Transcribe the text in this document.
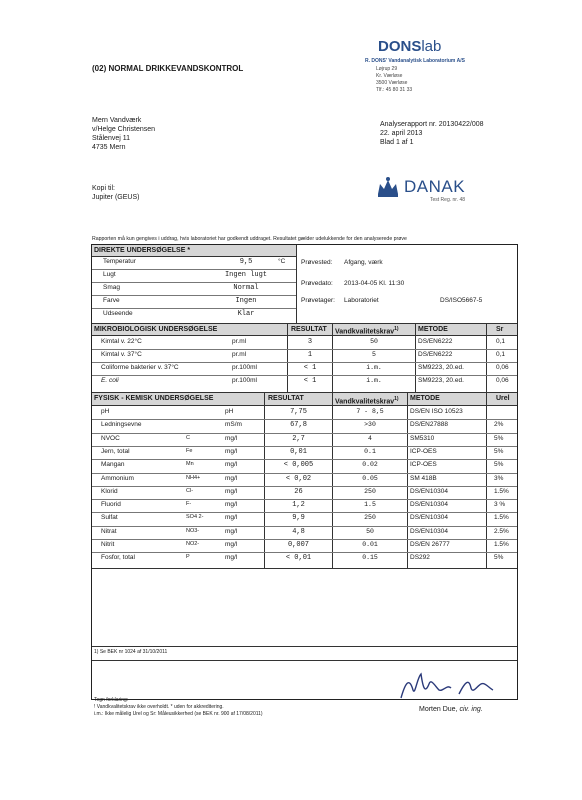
(02) NORMAL DRIKKEVANDSKONTROL
DONSlab
R. DONS' Vandanalytisk Laboratorium A/S
Løjrup 29
Kr. Værløse
3500 Værløse
Tlf.: 45 80 31 33
Mern Vandværk
v/Helge Christensen
Stålenvej 11
4735 Mern
Analyserapport nr. 20130422/008
22. april 2013
Blad 1 af 1
Kopi til:
Jupiter (GEUS)
DANAK
Test Reg. nr. 48
Rapporten må kun gengives i uddrag, hvis laboratoriet har godkendt uddraget. Resultatet gælder udelukkende for den analyserede prøve
DIREKTE UNDERSØGELSE *
Prøvested: Afgang, værk
Prøvedato: 2013-04-05 Kl. 11:30
Prøvetager: Laboratoriet	DS/ISO5667-5
MIKROBIOLOGISK UNDERSØGELSE	RESULTAT	Vandkvalitetskrav$^{1)}$	METODE	Sr
FYSISK - KEMISK UNDERSØGELSE	RESULTAT	Vandkvalitetskrav$^{1)}$	METODE	Urel
1) Se BEK nr 1024 af 31/10/2011
Tegn forklaring:
! Vandkvalitetskrav ikke overholdt. * uden for akkreditering.
i.m.: Ikke målelig Urel og Sr: Måleusikkerhed (se BEK nr. 900 af 17/08/2011)
Morten Due, civ. ing.
Temperatur	9,5	°C
Lugt	Ingen lugt
Smag	Normal
Farve	Ingen
Udseende	Klar
Kimtal v. 22°C	pr.ml	3	50	DS/EN6222	0,1
Kimtal v. 37°C	pr.ml	1	5	DS/EN6222	0,1
Coliforme bakterier v. 37°C	pr.100ml	< 1	i.m.	SM9223, 20.ed.	0,06
E. coli	pr.100ml	< 1	i.m.	SM9223, 20.ed.	0,06
pH	pH	7,75	7 - 8,5	DS/EN ISO 10523
Ledningsevne	mS/m	67,8	>30	DS/EN27888	2%
NVOC	C	mg/l	2,7	4	SM5310	5%
Jern, total	Fe	mg/l	0,01	0.1	ICP-OES	5%
Mangan	Mn	mg/l	< 0,005	0.02	ICP-OES	5%
Ammonium	NH4+	mg/l	< 0,02	0.05	SM 418B	3%
Klorid	Cl-	mg/l	26	250	DS/EN10304	1.5%
Fluorid	F-	mg/l	1,2	1.5	DS/EN10304	3 %
Sulfat	SO4 2-	mg/l	9,9	250	DS/EN10304	1.5%
Nitrat	NO3-	mg/l	4,8	50	DS/EN10304	2.5%
Nitrit	NO2-	mg/l	0,007	0.01	DS/EN 26777	1.5%
Fosfor, total	P	mg/l	< 0,01	0.15	DS292	5%
